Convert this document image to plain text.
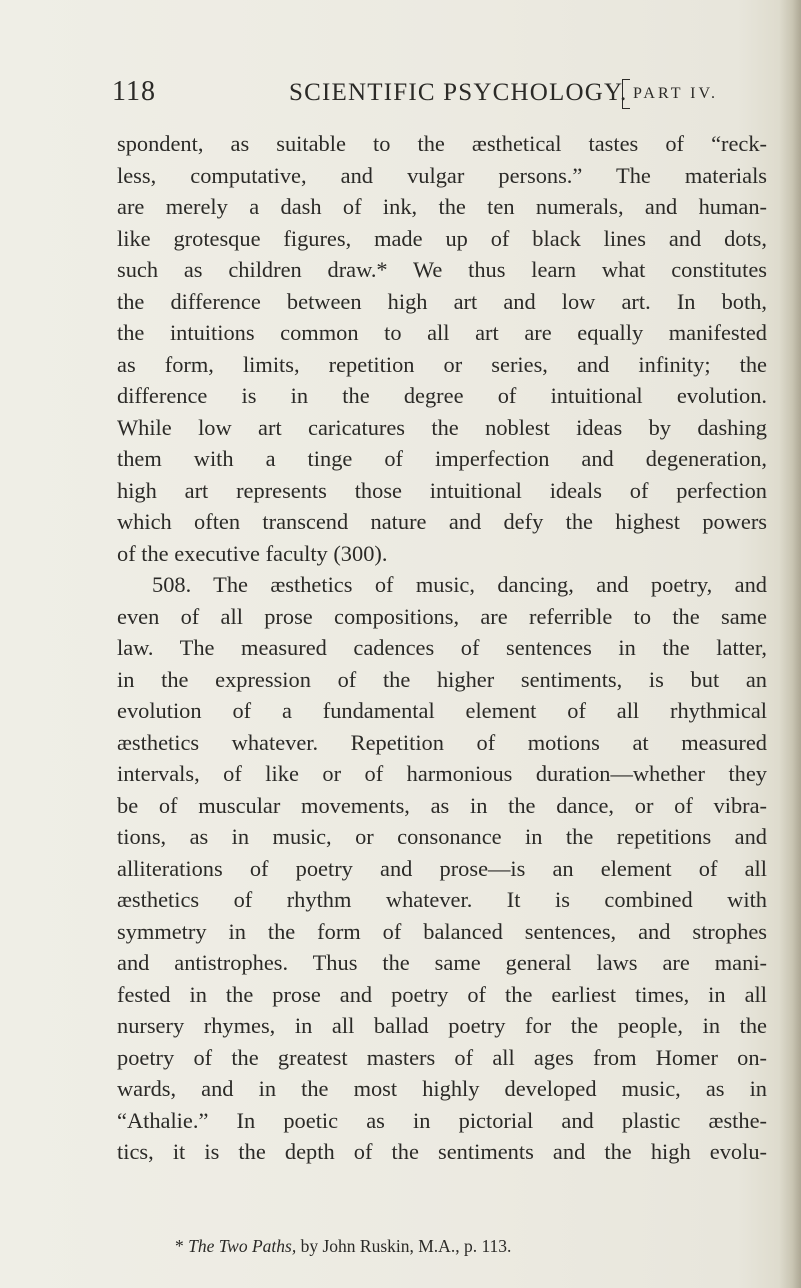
118	SCIENTIFIC PSYCHOLOGY. PART IV.
spondent, as suitable to the æsthetical tastes of “reck-
less, computative, and vulgar persons.” The materials
are merely a dash of ink, the ten numerals, and human-
like grotesque figures, made up of black lines and dots,
such as children draw.* We thus learn what constitutes
the difference between high art and low art. In both,
the intuitions common to all art are equally manifested
as form, limits, repetition or series, and infinity; the
difference is in the degree of intuitional evolution.
While low art caricatures the noblest ideas by dashing
them with a tinge of imperfection and degeneration,
high art represents those intuitional ideals of perfection
which often transcend nature and defy the highest powers
of the executive faculty (300).
508. The æsthetics of music, dancing, and poetry, and
even of all prose compositions, are referrible to the same
law. The measured cadences of sentences in the latter,
in the expression of the higher sentiments, is but an
evolution of a fundamental element of all rhythmical
æsthetics whatever. Repetition of motions at measured
intervals, of like or of harmonious duration—whether they
be of muscular movements, as in the dance, or of vibra-
tions, as in music, or consonance in the repetitions and
alliterations of poetry and prose—is an element of all
æsthetics of rhythm whatever. It is combined with
symmetry in the form of balanced sentences, and strophes
and antistrophes. Thus the same general laws are mani-
fested in the prose and poetry of the earliest times, in all
nursery rhymes, in all ballad poetry for the people, in the
poetry of the greatest masters of all ages from Homer on-
wards, and in the most highly developed music, as in
“Athalie.” In poetic as in pictorial and plastic æsthe-
tics, it is the depth of the sentiments and the high evolu-
* The Two Paths, by John Ruskin, M.A., p. 113.
